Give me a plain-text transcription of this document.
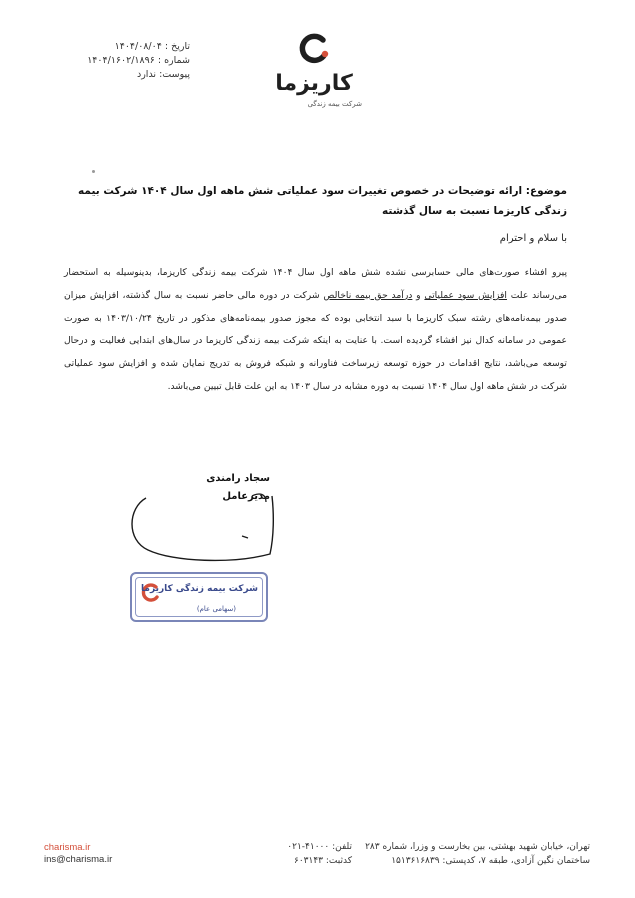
تاریخ : ۱۴۰۴/۰۸/۰۴
شماره : ۱۴۰۴/۱۶۰۲/۱۸۹۶
پیوست: ندارد	کاریزما
شرکت بیمه زندگی
موضوع: ارائه توضیحات در خصوص تغییرات سود عملیاتی شش ماهه اول سال ۱۴۰۴ شرکت بیمه زندگی کاریزما نسبت به سال گذشته
با سلام و احترام
پیرو افشاء صورت‌های مالی حسابرسی نشده شش ماهه اول سال ۱۴۰۴ شرکت بیمه زندگی کاریزما، بدینوسیله به استحضار می‌رساند علت افزایش سود عملیاتی و درآمد حق بیمه ناخالص شرکت در دوره مالی حاضر نسبت به سال گذشته، افزایش میزان صدور بیمه‌نامه‌های رشته سبک کاریزما با سبد انتخابی بوده که مجوز صدور بیمه‌نامه‌های مذکور در تاریخ ۱۴۰۳/۱۰/۲۴ به صورت عمومی در سامانه کدال نیز افشاء گردیده است. با عنایت به اینکه شرکت بیمه زندگی کاریزما در سال‌های ابتدایی فعالیت و درحال توسعه می‌باشد، نتایج اقدامات در حوزه توسعه زیرساخت فناورانه و شبکه فروش به تدریج نمایان شده و افزایش سود عملیاتی شرکت در شش ماهه اول سال ۱۴۰۴ نسبت به دوره مشابه در سال ۱۴۰۳ به این علت قابل تبیین می‌باشد.
سجاد رامندی
مدیرعامل
شرکت بیمه زندگی کاریزما
(سهامی عام)
charisma.ir
ins@charisma.ir
تلفن: ۴۱۰۰۰-۰۲۱
کدثبت: ۶۰۳۱۴۳
تهران، خیابان شهید بهشتی، بین بخارست و وزرا، شماره ۲۸۳
ساختمان نگین آزادی، طبقه ۷، کدپستی: ۱۵۱۳۶۱۶۸۳۹
